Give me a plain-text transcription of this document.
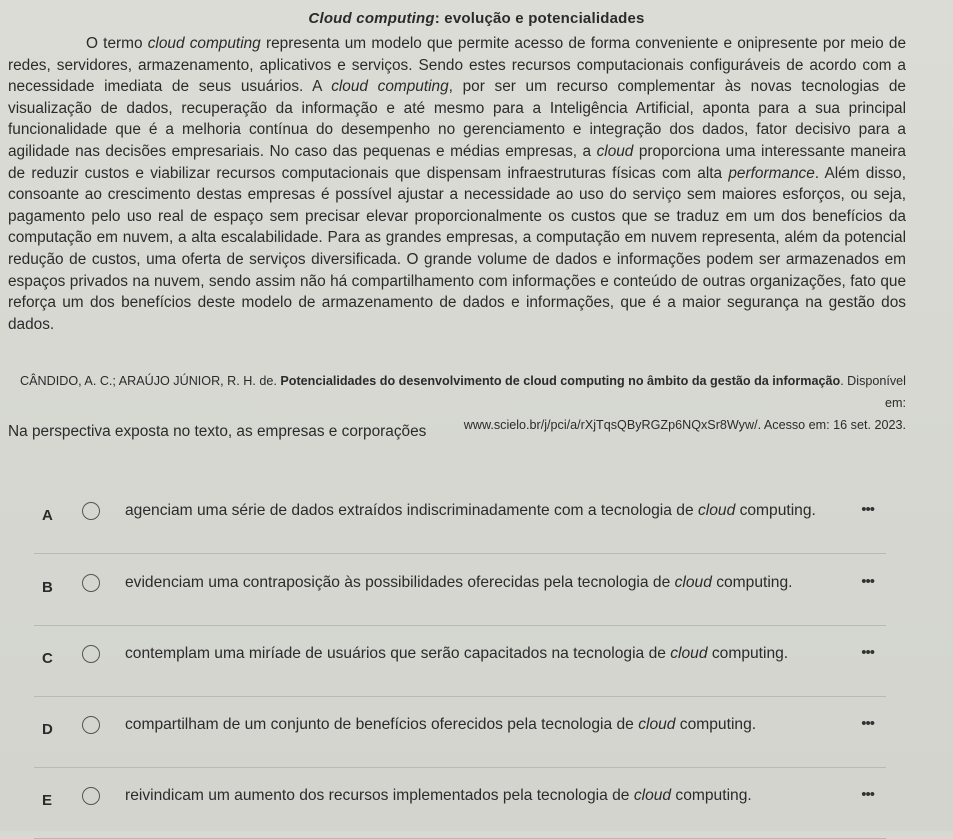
Cloud computing: evolução e potencialidades

O termo cloud computing representa um modelo que permite acesso de forma conveniente e onipresente por meio de redes, servidores, armazenamento, aplicativos e serviços. Sendo estes recursos computacionais configuráveis de acordo com a necessidade imediata de seus usuários. A cloud computing, por ser um recurso complementar às novas tecnologias de visualização de dados, recuperação da informação e até mesmo para a Inteligência Artificial, aponta para a sua principal funcionalidade que é a melhoria contínua do desempenho no gerenciamento e integração dos dados, fator decisivo para a agilidade nas decisões empresariais. No caso das pequenas e médias empresas, a cloud proporciona uma interessante maneira de reduzir custos e viabilizar recursos computacionais que dispensam infraestruturas físicas com alta performance. Além disso, consoante ao crescimento destas empresas é possível ajustar a necessidade ao uso do serviço sem maiores esforços, ou seja, pagamento pelo uso real de espaço sem precisar elevar proporcionalmente os custos que se traduz em um dos benefícios da computação em nuvem, a alta escalabilidade. Para as grandes empresas, a computação em nuvem representa, além da potencial redução de custos, uma oferta de serviços diversificada. O grande volume de dados e informações podem ser armazenados em espaços privados na nuvem, sendo assim não há compartilhamento com informações e conteúdo de outras organizações, fato que reforça um dos benefícios deste modelo de armazenamento de dados e informações, que é a maior segurança na gestão dos dados.

CÂNDIDO, A. C.; ARAÚJO JÚNIOR, R. H. de. Potencialidades do desenvolvimento de cloud computing no âmbito da gestão da informação. Disponível em:
www.scielo.br/j/pci/a/rXjTqsQByRGZp6NQxSr8Wyw/. Acesso em: 16 set. 2023.
Na perspectiva exposta no texto, as empresas e corporações
A	agenciam uma série de dados extraídos indiscriminadamente com a tecnologia de cloud computing.	•••
B	evidenciam uma contraposição às possibilidades oferecidas pela tecnologia de cloud computing.	•••
C	contemplam uma miríade de usuários que serão capacitados na tecnologia de cloud computing.	•••
D	compartilham de um conjunto de benefícios oferecidos pela tecnologia de cloud computing.	•••
E	reivindicam um aumento dos recursos implementados pela tecnologia de cloud computing.	•••
